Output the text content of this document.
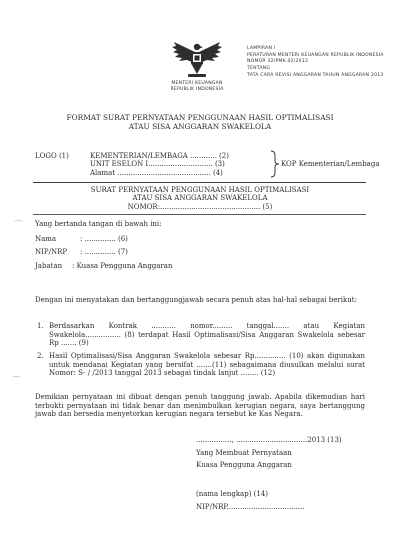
LAMPIRAN I
PERATURAN MENTERI KEUANGAN REPUBLIK INDONESIA
NOMOR 32/PMK.02/2013
TENTANG
TATA CARA REVISI ANGGARAN TAHUN ANGGARAN 2013
MENTERI KEUANGAN
REPUBLIK INDONESIA
FORMAT SURAT PERNYATAAN PENGGUNAAN HASIL OPTIMALISASI
ATAU SISA ANGGARAN SWAKELOLA
LOGO (1)	KEMENTERIAN/LEMBAGA ............ (2)
UNIT ESELON I............................. (3)
Alamat .......................................... (4)
KOP Kementerian/Lembaga
SURAT PERNYATAAN PENGGUNAAN HASIL OPTIMALISASI
ATAU SISA ANGGARAN SWAKELOLA
NOMOR:............................................. (5)
⌒ Yang bertanda tangan di bawah ini:
Nama	: .............. (6)
NIP/NRP : .............. (7)
Jabatan : Kuasa Pengguna Anggaran
Dengan ini menyatakan dan bertanggungjawab secara penuh atas hal-hal sebagai berikut:
1. Berdasarkan Kontrak ........... nomor......... tanggal....... atau Kegiatan Swakelola................ (8) terdapat Hasil Optimalisasi/Sisa Anggaran Swakelola sebesar Rp ....... (9)
2. Hasil Optimalisasi/Sisa Anggaran Swakelola sebesar Rp.............. (10) akan digunakan untuk mendanai Kegiatan yang bersifat .......(11) sebagaimana diusulkan melalui surat Nomor: S- / /2013 tanggal 2013 sebagai tindak lanjut ........ (12)
⌒
Demikian pernyataan ini dibuat dengan penuh tanggung jawab. Apabila dikemudian hari terbukti pernyataan ini tidak benar dan menimbulkan kerugian negara, saya bertanggung jawab dan bersedia menyetorkan kerugian negara tersebut ke Kas Negara.
................, ................................2013 (13)
Yang Membuat Pernyataan
Kuasa Pengguna Anggaran
(nama lengkap) (14)
NIP/NRP...................................
